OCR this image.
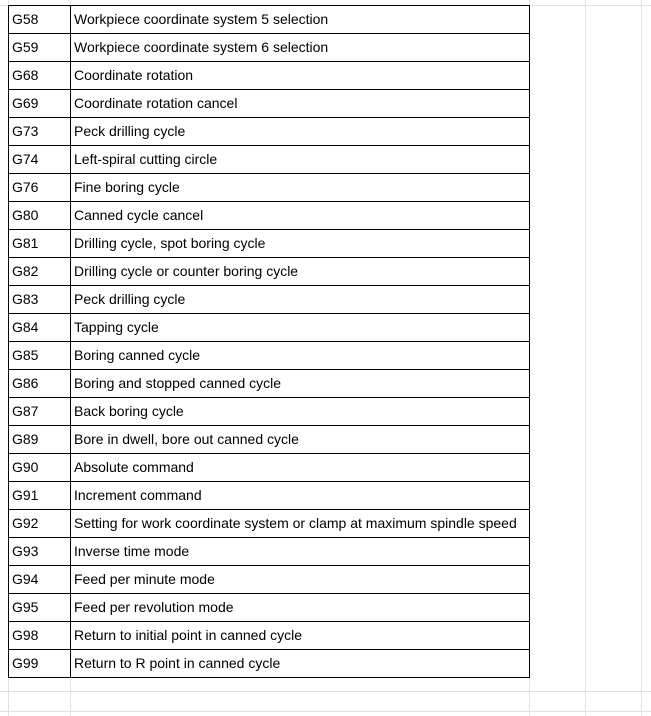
G58	Workpiece coordinate system 5 selection
G59	Workpiece coordinate system 6 selection
G68	Coordinate rotation
G69	Coordinate rotation cancel
G73	Peck drilling cycle
G74	Left-spiral cutting circle
G76	Fine boring cycle
G80	Canned cycle cancel
G81	Drilling cycle, spot boring cycle
G82	Drilling cycle or counter boring cycle
G83	Peck drilling cycle
G84	Tapping cycle
G85	Boring canned cycle
G86	Boring and stopped canned cycle
G87	Back boring cycle
G89	Bore in dwell, bore out canned cycle
G90	Absolute command
G91	Increment command
G92	Setting for work coordinate system or clamp at maximum spindle speed
G93	Inverse time mode
G94	Feed per minute mode
G95	Feed per revolution mode
G98	Return to initial point in canned cycle
G99	Return to R point in canned cycle
